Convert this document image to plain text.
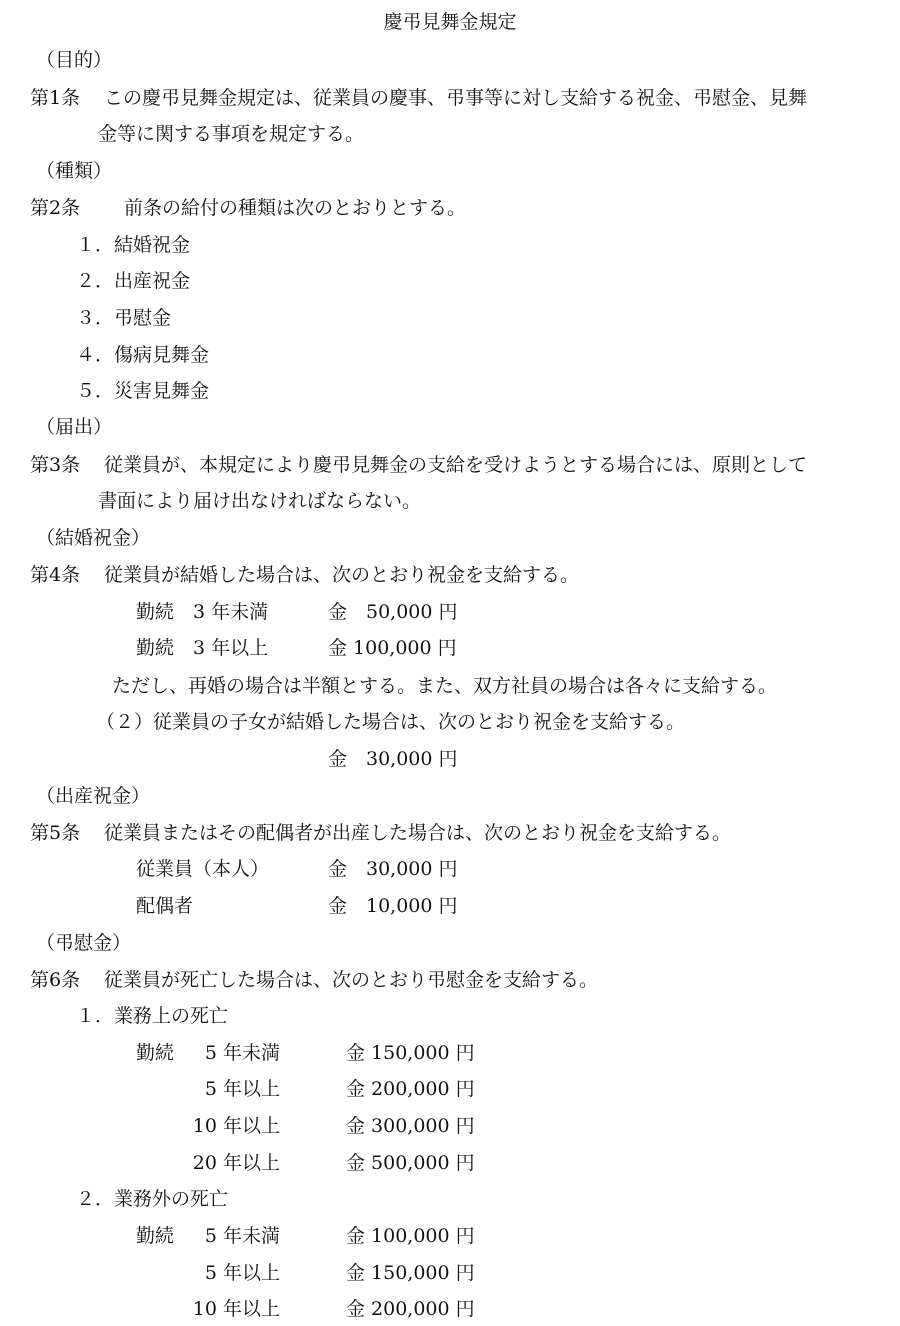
慶弔見舞金規定
（目的）
第1条 この慶弔見舞金規定は、従業員の慶事、弔事等に対し支給する祝金、弔慰金、見舞
金等に関する事項を規定する。
（種類）
第2条 前条の給付の種類は次のとおりとする。
１．結婚祝金
２．出産祝金
３．弔慰金
４．傷病見舞金
５．災害見舞金
（届出）
第3条 従業員が、本規定により慶弔見舞金の支給を受けようとする場合には、原則として
書面により届け出なければならない。
（結婚祝金）
第4条 従業員が結婚した場合は、次のとおり祝金を支給する。
勤続　3 年未満	金　50,000 円
勤続　3 年以上	金 100,000 円
ただし、再婚の場合は半額とする。また、双方社員の場合は各々に支給する。
（２）従業員の子女が結婚した場合は、次のとおり祝金を支給する。
金　30,000 円
（出産祝金）
第5条 従業員またはその配偶者が出産した場合は、次のとおり祝金を支給する。
従業員（本人）	金　30,000 円
配偶者	金　10,000 円
（弔慰金）
第6条 従業員が死亡した場合は、次のとおり弔慰金を支給する。
１．業務上の死亡
勤続 5 年未満	金 150,000 円
5 年以上	金 200,000 円
10 年以上	金 300,000 円
20 年以上	金 500,000 円
２．業務外の死亡
勤続 5 年未満	金 100,000 円
5 年以上	金 150,000 円
10 年以上	金 200,000 円
